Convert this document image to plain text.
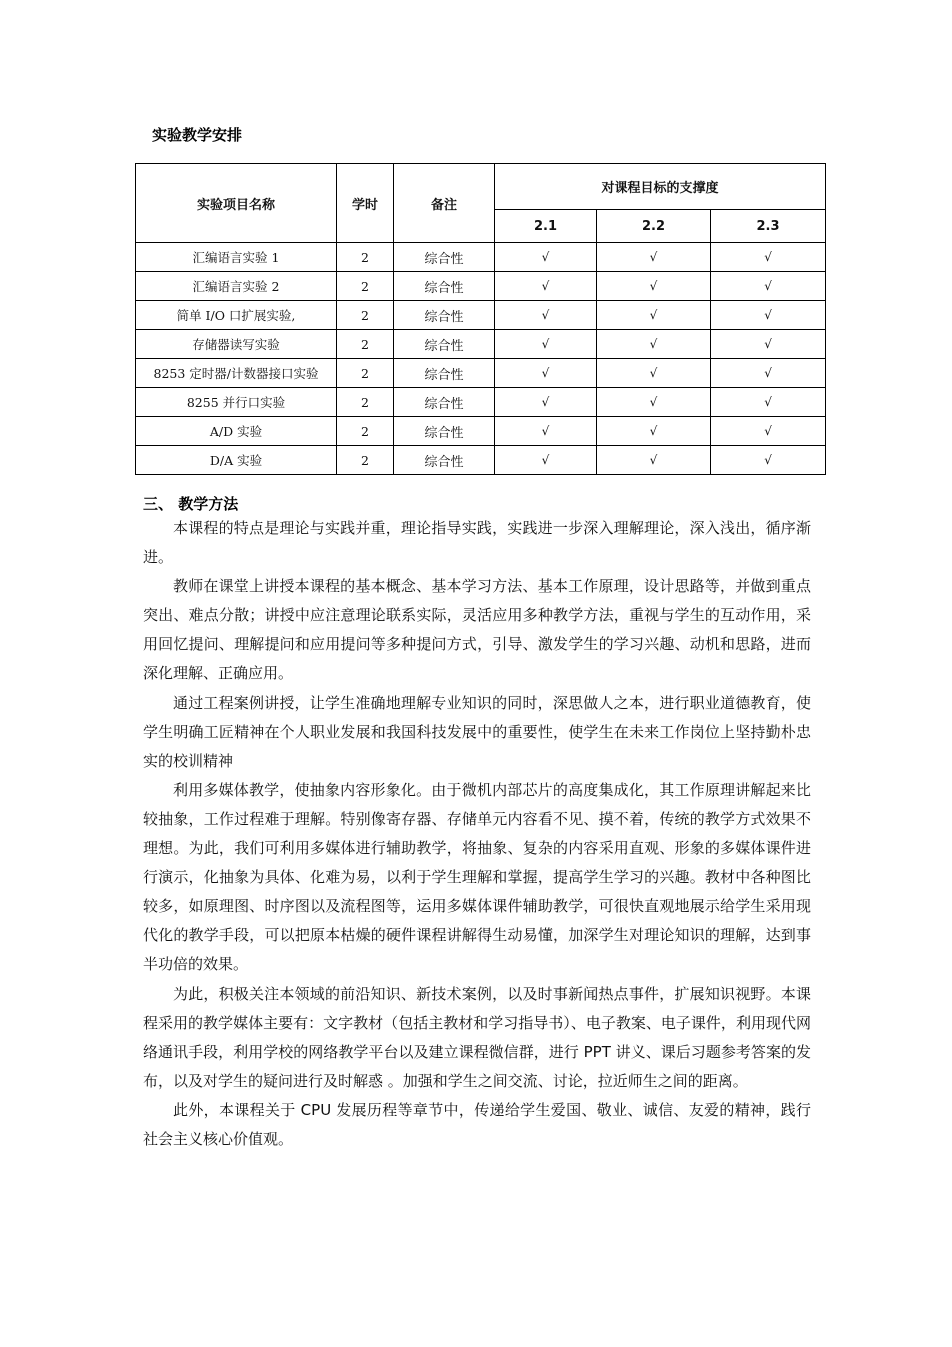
实验教学安排
实验项目名称	学时	备注	对课程目标的支撑度		
			2.1	2.2	2.3
汇编语言实验 1	2	综合性	√	√	√
汇编语言实验 2	2	综合性	√	√	√
简单 I/O 口扩展实验,	2	综合性	√	√	√
存储器读写实验	2	综合性	√	√	√
8253 定时器/计数器接口实验	2	综合性	√	√	√
8255 并行口实验	2	综合性	√	√	√
A/D 实验	2	综合性	√	√	√
D/A 实验	2	综合性	√	√	√
三、 教学方法

本课程的特点是理论与实践并重，理论指导实践，实践进一步深入理解理论，深入浅出，循序渐进。

教师在课堂上讲授本课程的基本概念、基本学习方法、基本工作原理，设计思路等，并做到重点突出、难点分散；讲授中应注意理论联系实际，灵活应用多种教学方法，重视与学生的互动作用，采用回忆提问、理解提问和应用提问等多种提问方式，引导、激发学生的学习兴趣、动机和思路，进而深化理解、正确应用。

通过工程案例讲授，让学生准确地理解专业知识的同时，深思做人之本，进行职业道德教育，使学生明确工匠精神在个人职业发展和我国科技发展中的重要性，使学生在未来工作岗位上坚持勤朴忠实的校训精神

利用多媒体教学，使抽象内容形象化。由于微机内部芯片的高度集成化，其工作原理讲解起来比较抽象，工作过程难于理解。特别像寄存器、存储单元内容看不见、摸不着，传统的教学方式效果不理想。为此，我们可利用多媒体进行辅助教学，将抽象、复杂的内容采用直观、形象的多媒体课件进行演示，化抽象为具体、化难为易，以利于学生理解和掌握，提高学生学习的兴趣。教材中各种图比较多，如原理图、时序图以及流程图等，运用多媒体课件辅助教学，可很快直观地展示给学生采用现代化的教学手段，可以把原本枯燥的硬件课程讲解得生动易懂，加深学生对理论知识的理解，达到事半功倍的效果。

为此，积极关注本领域的前沿知识、新技术案例，以及时事新闻热点事件，扩展知识视野。本课程采用的教学媒体主要有：文字教材（包括主教材和学习指导书）、电子教案、电子课件，利用现代网络通讯手段，利用学校的网络教学平台以及建立课程微信群，进行 PPT 讲义、课后习题参考答案的发布，以及对学生的疑问进行及时解惑 。加强和学生之间交流、讨论，拉近师生之间的距离。

此外，本课程关于 CPU 发展历程等章节中，传递给学生爱国、敬业、诚信、友爱的精神，践行社会主义核心价值观。
